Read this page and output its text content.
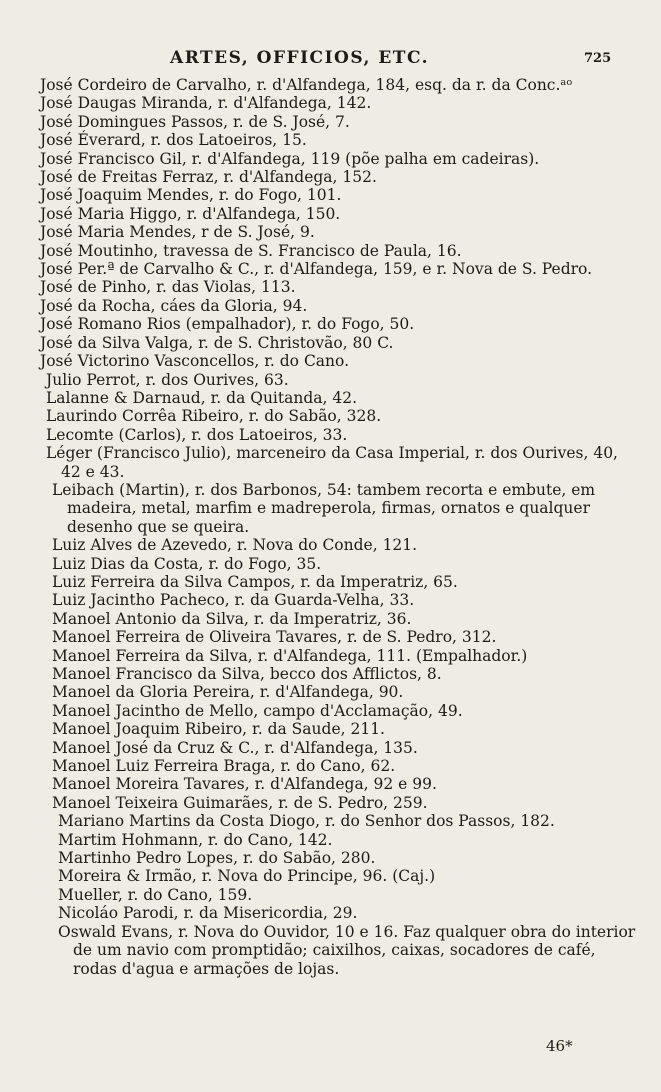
ARTES, OFFICIOS, ETC.	725
José Cordeiro de Carvalho, r. d'Alfandega, 184, esq. da r. da Conc.ᵃᵒ
José Daugas Miranda, r. d'Alfandega, 142.
José Domingues Passos, r. de S. José, 7.
José Éverard, r. dos Latoeiros, 15.
José Francisco Gil, r. d'Alfandega, 119 (põe palha em cadeiras).
José de Freitas Ferraz, r. d'Alfandega, 152.
José Joaquim Mendes, r. do Fogo, 101.
José Maria Higgo, r. d'Alfandega, 150.
José Maria Mendes, r de S. José, 9.
José Moutinho, travessa de S. Francisco de Paula, 16.
José Per.ª de Carvalho & C., r. d'Alfandega, 159, e r. Nova de S. Pedro.
José de Pinho, r. das Violas, 113.
José da Rocha, cáes da Gloria, 94.
José Romano Rios (empalhador), r. do Fogo, 50.
José da Silva Valga, r. de S. Christovão, 80 C.
José Victorino Vasconcellos, r. do Cano.
Julio Perrot, r. dos Ourives, 63.
Lalanne & Darnaud, r. da Quitanda, 42.
Laurindo Corrêa Ribeiro, r. do Sabão, 328.
Lecomte (Carlos), r. dos Latoeiros, 33.
Léger (Francisco Julio), marceneiro da Casa Imperial, r. dos Ourives, 40, 42 e 43.
Leibach (Martin), r. dos Barbonos, 54: tambem recorta e embute, em madeira, metal, marfim e madreperola, firmas, ornatos e qualquer desenho que se queira.
Luiz Alves de Azevedo, r. Nova do Conde, 121.
Luiz Dias da Costa, r. do Fogo, 35.
Luiz Ferreira da Silva Campos, r. da Imperatriz, 65.
Luiz Jacintho Pacheco, r. da Guarda-Velha, 33.
Manoel Antonio da Silva, r. da Imperatriz, 36.
Manoel Ferreira de Oliveira Tavares, r. de S. Pedro, 312.
Manoel Ferreira da Silva, r. d'Alfandega, 111. (Empalhador.)
Manoel Francisco da Silva, becco dos Afflictos, 8.
Manoel da Gloria Pereira, r. d'Alfandega, 90.
Manoel Jacintho de Mello, campo d'Acclamação, 49.
Manoel Joaquim Ribeiro, r. da Saude, 211.
Manoel José da Cruz & C., r. d'Alfandega, 135.
Manoel Luiz Ferreira Braga, r. do Cano, 62.
Manoel Moreira Tavares, r. d'Alfandega, 92 e 99.
Manoel Teixeira Guimarães, r. de S. Pedro, 259.
Mariano Martins da Costa Diogo, r. do Senhor dos Passos, 182.
Martim Hohmann, r. do Cano, 142.
Martinho Pedro Lopes, r. do Sabão, 280.
Moreira & Irmão, r. Nova do Principe, 96. (Caj.)
Mueller, r. do Cano, 159.
Nicoláo Parodi, r. da Misericordia, 29.
Oswald Evans, r. Nova do Ouvidor, 10 e 16. Faz qualquer obra do interior de um navio com promptidão; caixilhos, caixas, socadores de café, rodas d'agua e armações de lojas.
46*
